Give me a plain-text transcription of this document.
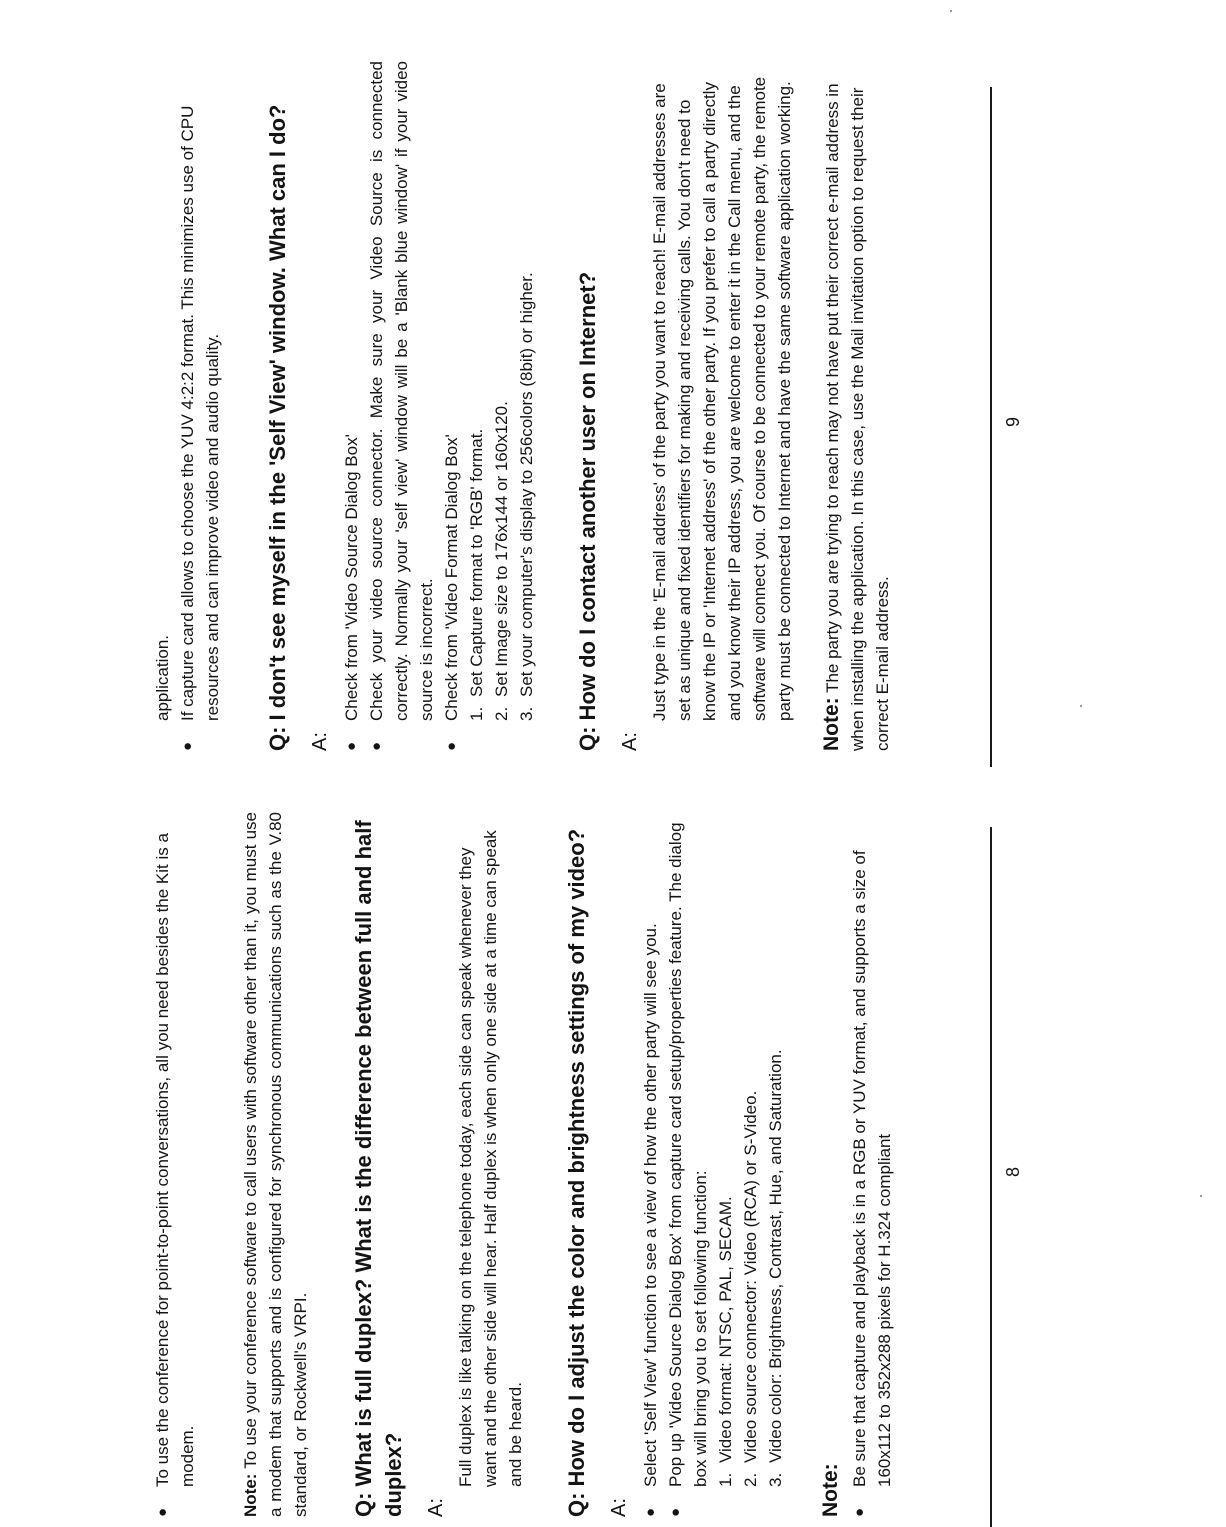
● To use the conference for point-to-point conversations, all you need besides the Kit is a modem.

Note: To use your conference software to call users with software other than it, you must use a modem that supports and is configured for synchronous communications such as the V.80 standard, or Rockwell's VRPI. Q: What is full duplex? What is the difference between full and half duplex? A:

Full duplex is like talking on the telephone today, each side can speak whenever they want and the other side will hear. Half duplex is when only one side at a time can speak and be heard. Q: How do I adjust the color and brightness settings of my video? A:

● Select 'Self View' function to see a view of how the other party will see you. ● Pop up 'Video Source Dialog Box' from capture card setup/properties feature. The dialog box will bring you to set following function: 1.
Video format: NTSC, PAL, SECAM.
2.
Video source connector: Video (RCA) or S-Video.
3.
Video color: Brightness, Contrast, Hue, and Saturation.

Note:

● Be sure that capture and playback is in a RGB or YUV format, and supports a size of 160x112 to 352x288 pixels for H.324 compliant	8

application. ● If capture card allows to choose the YUV 4:2:2 format. This minimizes use of CPU resources and can improve video and audio quality. Q: I don't see myself in the 'Self View' window. What can I do? A:

● Check from 'Video Source Dialog Box' ● Check your video source connector. Make sure your Video Source is connected correctly. Normally your 'self view' window will be a 'Blank blue window' if your video source is incorrect. ● Check from 'Video Format Dialog Box' 1.
Set Capture format to 'RGB' format.
2.
Set Image size to 176x144 or 160x120.
3.
Set your computer's display to 256colors (8bit) or higher. Q: How do I contact another user on Internet? A:

Just type in the 'E-mail address' of the party you want to reach! E-mail addresses are set as unique and fixed identifiers for making and receiving calls. You don't need to know the IP or 'Internet address' of the other party. If you prefer to call a party directly and you know their IP address, you are welcome to enter it in the Call menu, and the software will connect you. Of course to be connected to your remote party, the remote party must be connected to Internet and have the same software application working.

Note: The party you are trying to reach may not have put their correct e-mail address in when installing the application. In this case, use the Mail invitation option to request their correct E-mail address.

9
